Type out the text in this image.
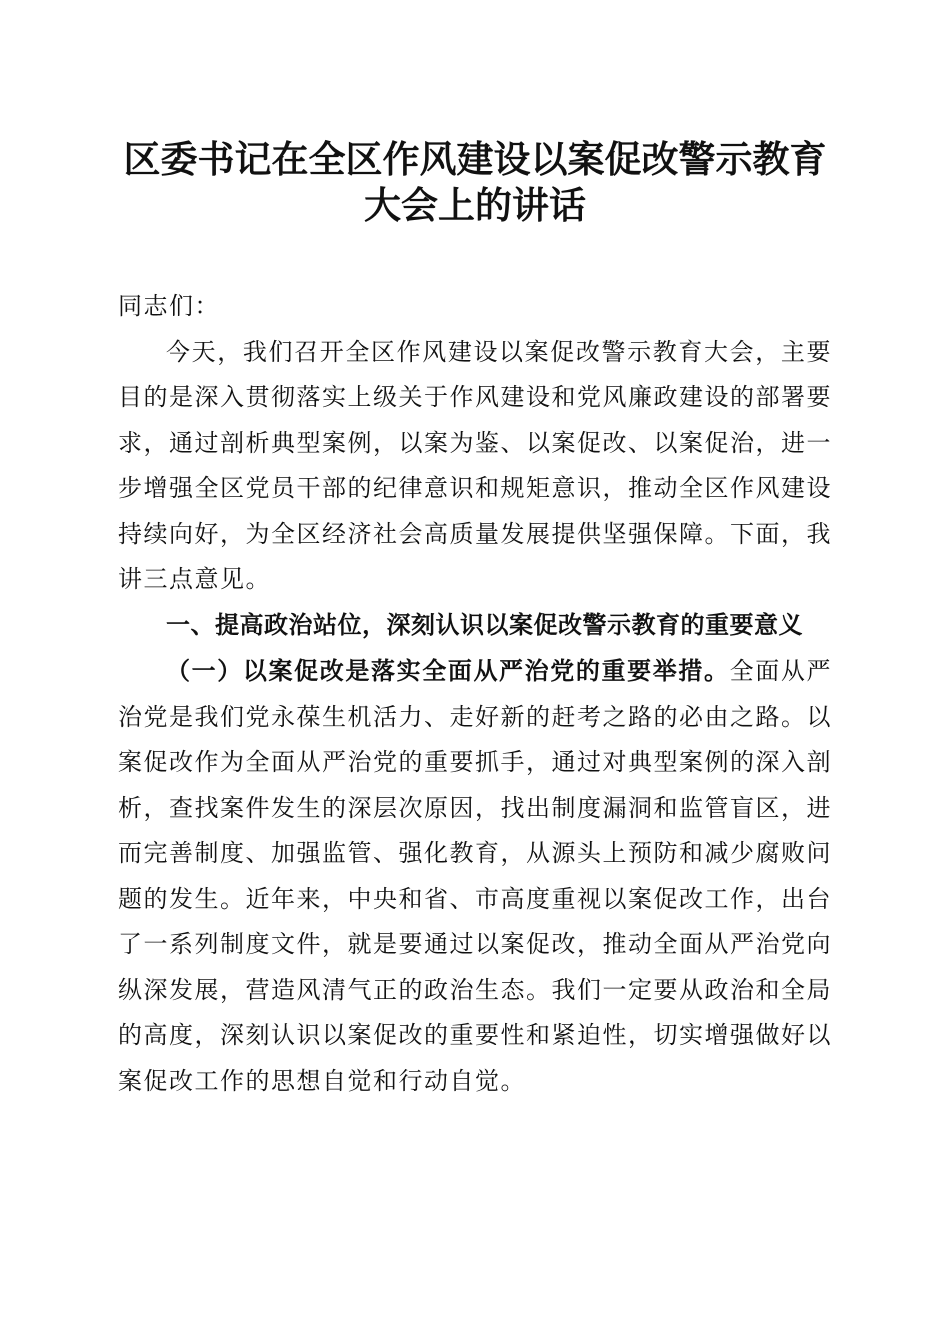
区委书记在全区作风建设以案促改警示教育大会上的讲话

同志们：

今天，我们召开全区作风建设以案促改警示教育大会，主要目的是深入贯彻落实上级关于作风建设和党风廉政建设的部署要求，通过剖析典型案例，以案为鉴、以案促改、以案促治，进一步增强全区党员干部的纪律意识和规矩意识，推动全区作风建设持续向好，为全区经济社会高质量发展提供坚强保障。下面，我讲三点意见。

一、提高政治站位，深刻认识以案促改警示教育的重要意义

（一）以案促改是落实全面从严治党的重要举措。全面从严治党是我们党永葆生机活力、走好新的赶考之路的必由之路。以案促改作为全面从严治党的重要抓手，通过对典型案例的深入剖析，查找案件发生的深层次原因，找出制度漏洞和监管盲区，进而完善制度、加强监管、强化教育，从源头上预防和减少腐败问题的发生。近年来，中央和省、市高度重视以案促改工作，出台了一系列制度文件，就是要通过以案促改，推动全面从严治党向纵深发展，营造风清气正的政治生态。我们一定要从政治和全局的高度，深刻认识以案促改的重要性和紧迫性，切实增强做好以案促改工作的思想自觉和行动自觉。
